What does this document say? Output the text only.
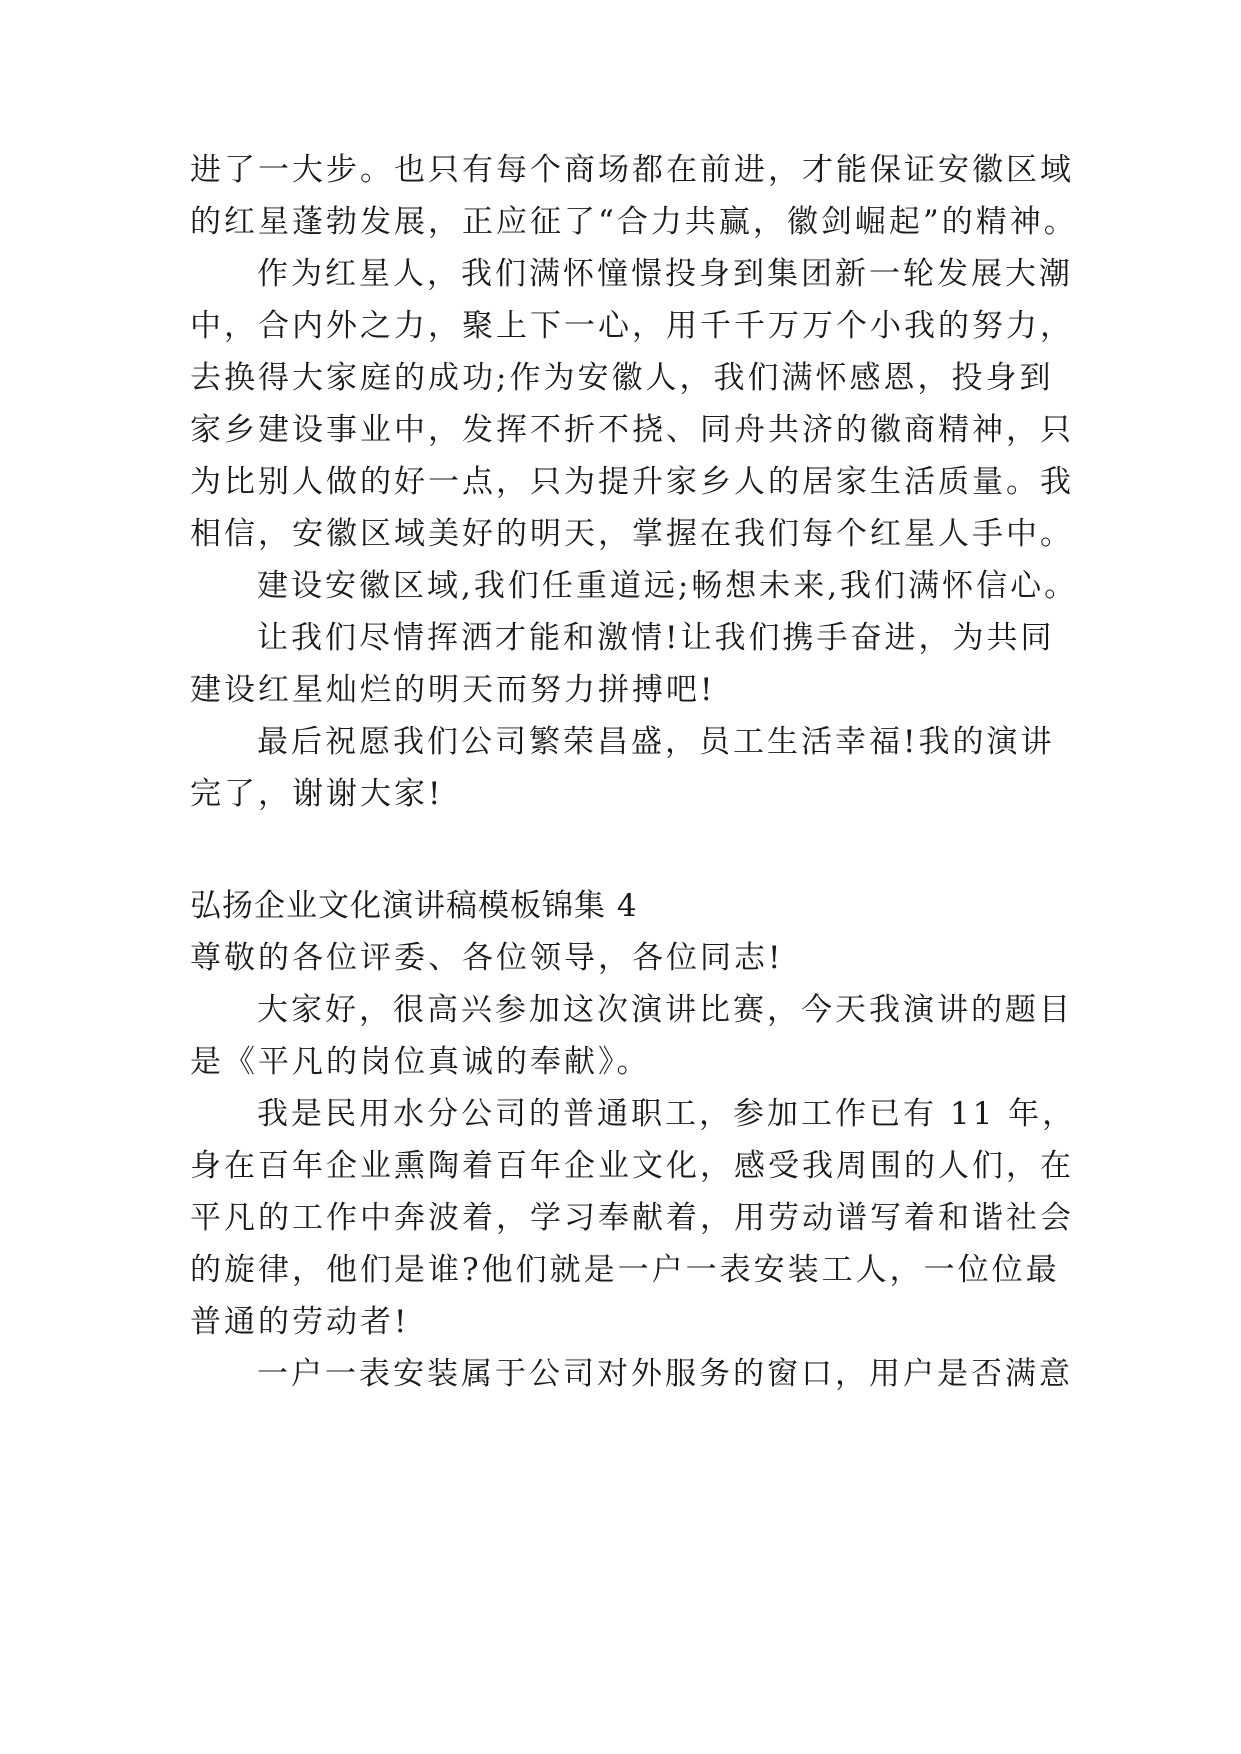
进了一大步。也只有每个商场都在前进，才能保证安徽区域
的红星蓬勃发展，正应征了“合力共赢，徽剑崛起”的精神。
作为红星人，我们满怀憧憬投身到集团新一轮发展大潮
中，合内外之力，聚上下一心，用千千万万个小我的努力，
去换得大家庭的成功;作为安徽人，我们满怀感恩，投身到
家乡建设事业中，发挥不折不挠、同舟共济的徽商精神，只
为比别人做的好一点，只为提升家乡人的居家生活质量。我
相信，安徽区域美好的明天，掌握在我们每个红星人手中。
建设安徽区域,我们任重道远;畅想未来,我们满怀信心。
让我们尽情挥洒才能和激情!让我们携手奋进，为共同
建设红星灿烂的明天而努力拼搏吧!
最后祝愿我们公司繁荣昌盛，员工生活幸福!我的演讲
完了，谢谢大家!
弘扬企业文化演讲稿模板锦集 4
尊敬的各位评委、各位领导，各位同志!
大家好，很高兴参加这次演讲比赛，今天我演讲的题目
是《平凡的岗位真诚的奉献》。
我是民用水分公司的普通职工，参加工作已有 11 年，
身在百年企业熏陶着百年企业文化，感受我周围的人们，在
平凡的工作中奔波着，学习奉献着，用劳动谱写着和谐社会
的旋律，他们是谁?他们就是一户一表安装工人，一位位最
普通的劳动者!
一户一表安装属于公司对外服务的窗口，用户是否满意
